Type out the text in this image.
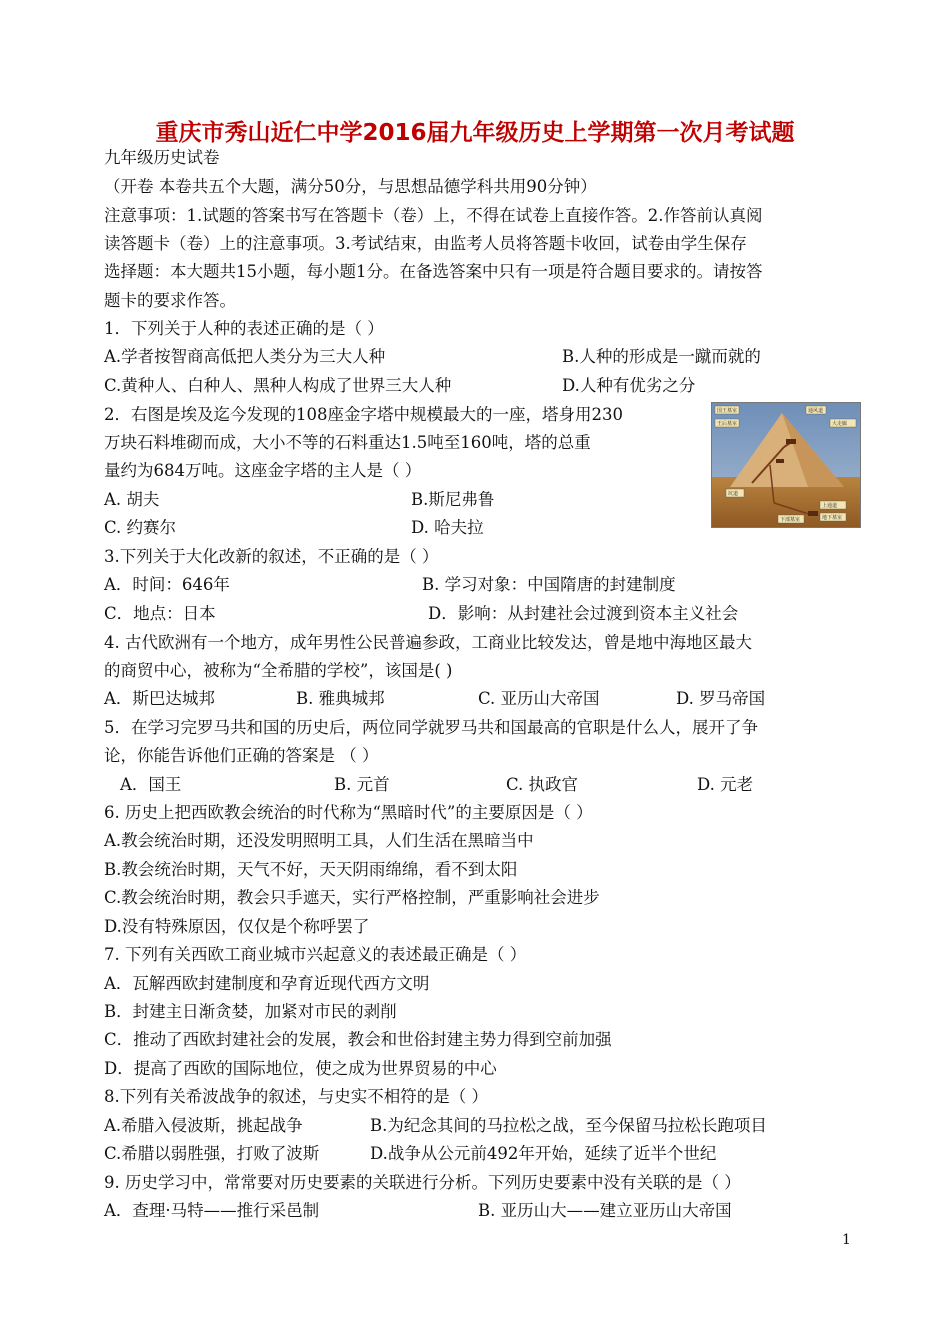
重庆市秀山近仁中学2016届九年级历史上学期第一次月考试题
九年级历史试卷
（开卷 本卷共五个大题，满分50分，与思想品德学科共用90分钟）
注意事项：1.试题的答案书写在答题卡（卷）上，不得在试卷上直接作答。2.作答前认真阅
读答题卡（卷）上的注意事项。3.考试结束，由监考人员将答题卡收回，试卷由学生保存
选择题：本大题共15小题，每小题1分。在备选答案中只有一项是符合题目要求的。请按答
题卡的要求作答。
1．下列关于人种的表述正确的是（ ）
A.学者按智商高低把人类分为三大人种	B.人种的形成是一蹴而就的
C.黄种人、白种人、黑种人构成了世界三大人种	D.人种有优劣之分
2．右图是埃及迄今发现的108座金字塔中规模最大的一座，塔身用230
万块石料堆砌而成，大小不等的石料重达1.5吨至160吨，塔的总重
量约为684万吨。这座金字塔的主人是（ ）
A. 胡夫	B.斯尼弗鲁
C. 约赛尔	D. 哈夫拉
国王墓室
王后墓室
通风道
大走廊
上通道
下部墓室	地下墓室
坑道
3.下列关于大化改新的叙述，不正确的是（ ）
A．时间：646年	B. 学习对象：中国隋唐的封建制度
C．地点：日本	D．影响：从封建社会过渡到资本主义社会
4. 古代欧洲有一个地方，成年男性公民普遍参政，工商业比较发达，曾是地中海地区最大
的商贸中心，被称为“全希腊的学校”，该国是( )
A．斯巴达城邦	B. 雅典城邦	C. 亚历山大帝国	D. 罗马帝国
5．在学习完罗马共和国的历史后，两位同学就罗马共和国最高的官职是什么人，展开了争
论，你能告诉他们正确的答案是 （ ）
A．国王	B. 元首	C. 执政官	D. 元老
6. 历史上把西欧教会统治的时代称为“黑暗时代”的主要原因是（ ）
A.教会统治时期，还没发明照明工具，人们生活在黑暗当中
B.教会统治时期，天气不好，天天阴雨绵绵，看不到太阳
C.教会统治时期，教会只手遮天，实行严格控制，严重影响社会进步
D.没有特殊原因，仅仅是个称呼罢了
7. 下列有关西欧工商业城市兴起意义的表述最正确是（ ）
A．瓦解西欧封建制度和孕育近现代西方文明
B．封建主日渐贪婪，加紧对市民的剥削
C．推动了西欧封建社会的发展，教会和世俗封建主势力得到空前加强
D．提高了西欧的国际地位，使之成为世界贸易的中心
8.下列有关希波战争的叙述，与史实不相符的是（ ）
A.希腊入侵波斯，挑起战争	B.为纪念其间的马拉松之战，至今保留马拉松长跑项目
C.希腊以弱胜强，打败了波斯	D.战争从公元前492年开始，延续了近半个世纪
9. 历史学习中，常常要对历史要素的关联进行分析。下列历史要素中没有关联的是（ ）
A．查理·马特——推行采邑制	B. 亚历山大——建立亚历山大帝国
1
